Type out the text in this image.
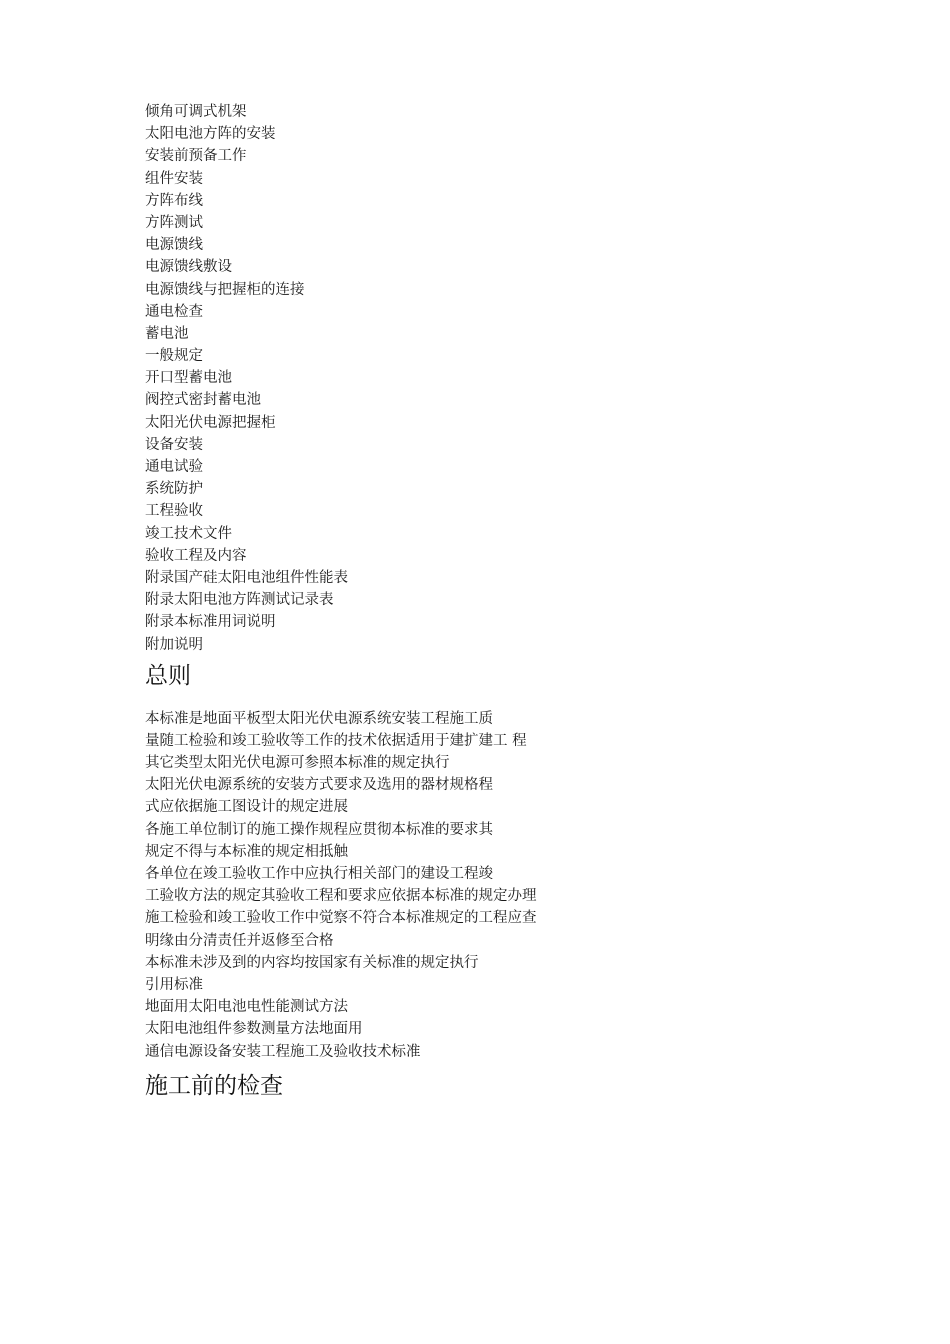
倾角可调式机架
太阳电池方阵的安装
安装前预备工作
组件安装
方阵布线
方阵测试
电源馈线
电源馈线敷设
电源馈线与把握柜的连接
通电检查
蓄电池
一般规定
开口型蓄电池
阀控式密封蓄电池
太阳光伏电源把握柜
设备安装
通电试验
系统防护
工程验收
竣工技术文件
验收工程及内容
附录国产硅太阳电池组件性能表
附录太阳电池方阵测试记录表
附录本标准用词说明
附加说明
总则
本标准是地面平板型太阳光伏电源系统安装工程施工质
量随工检验和竣工验收等工作的技术依据适用于建扩建工 程
其它类型太阳光伏电源可参照本标准的规定执行
太阳光伏电源系统的安装方式要求及选用的器材规格程
式应依据施工图设计的规定进展
各施工单位制订的施工操作规程应贯彻本标准的要求其
规定不得与本标准的规定相抵触
各单位在竣工验收工作中应执行相关部门的建设工程竣
工验收方法的规定其验收工程和要求应依据本标准的规定办理
施工检验和竣工验收工作中觉察不符合本标准规定的工程应查
明缘由分清责任并返修至合格
本标准未涉及到的内容均按国家有关标准的规定执行
引用标准
地面用太阳电池电性能测试方法
太阳电池组件参数测量方法地面用
通信电源设备安装工程施工及验收技术标准
施工前的检查
